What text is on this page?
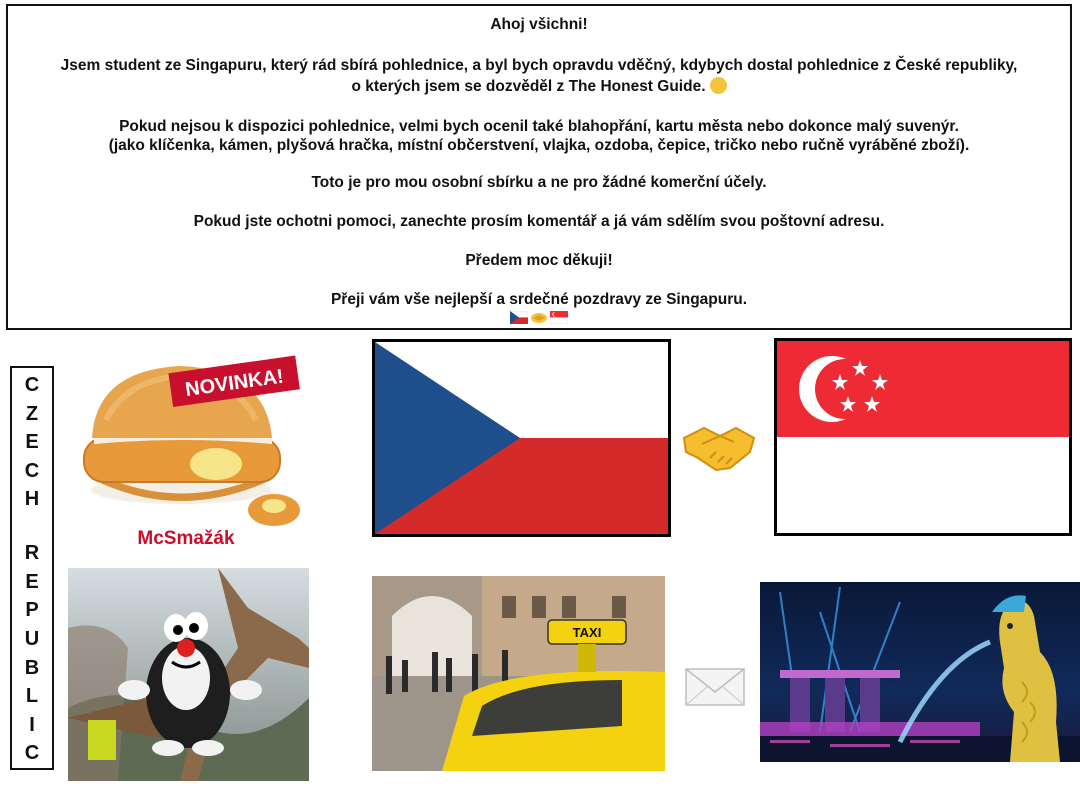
Ahoj všichni!

Jsem student ze Singapuru, který rád sbírá pohlednice, a byl bych opravdu vděčný, kdybych dostal pohlednice z České republiky,

o kterých jsem se dozvěděl z The Honest Guide.

Pokud nejsou k dispozici pohlednice, velmi bych ocenil také blahopřání, kartu města nebo dokonce malý suvenýr.

(jako klíčenka, kámen, plyšová hračka, místní občerstvení, vlajka, ozdoba, čepice, tričko nebo ručně vyráběné zboží).

Toto je pro mou osobní sbírku a ne pro žádné komerční účely.

Pokud jste ochotni pomoci, zanechte prosím komentář a já vám sdělím svou poštovní adresu.

Předem moc děkuji!

Přeji vám vše nejlepší a srdečné pozdravy ze Singapuru.

C
Z
E
C
H
R
E
P
U
B
L
I
C
NOVINKA!
McSmažák
TAXI
